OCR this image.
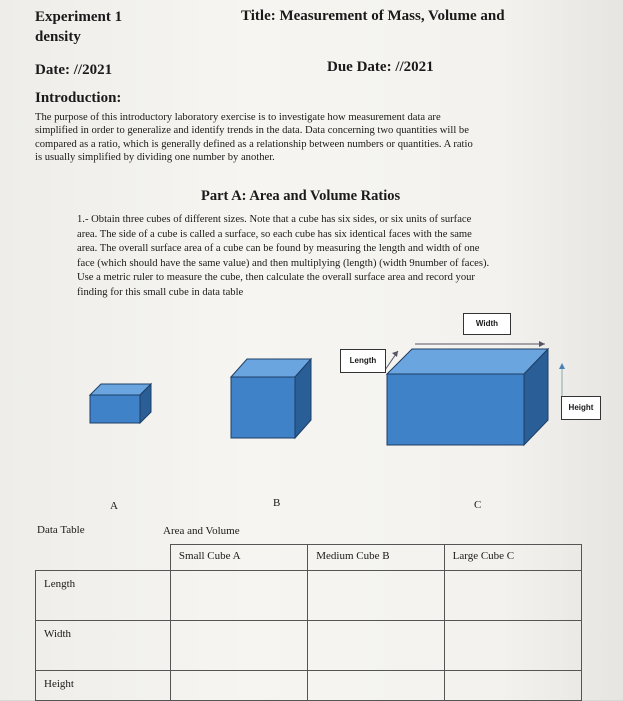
Experiment 1
density
Title: Measurement of Mass, Volume and
Date: //2021	Due Date: //2021
Introduction:
The purpose of this introductory laboratory exercise is to investigate how measurement data are
simplified in order to generalize and identify trends in the data. Data concerning two quantities will be
compared as a ratio, which is generally defined as a relationship between numbers or quantities. A ratio
is usually simplified by dividing one number by another.
Part A: Area and Volume Ratios
1.- Obtain three cubes of different sizes. Note that a cube has six sides, or six units of surface
area. The side of a cube is called a surface, so each cube has six identical faces with the same
area. The overall surface area of a cube can be found by measuring the length and width of one
face (which should have the same value) and then multiplying (length) (width 9number of faces).
Use a metric ruler to measure the cube, then calculate the overall surface area and record your
finding for this small cube in data table
Width
Length
Height
A	B	C
Data Table	Area and Volume

	Small Cube A	Medium Cube B	Large Cube C

Length			

Width			

Height			
